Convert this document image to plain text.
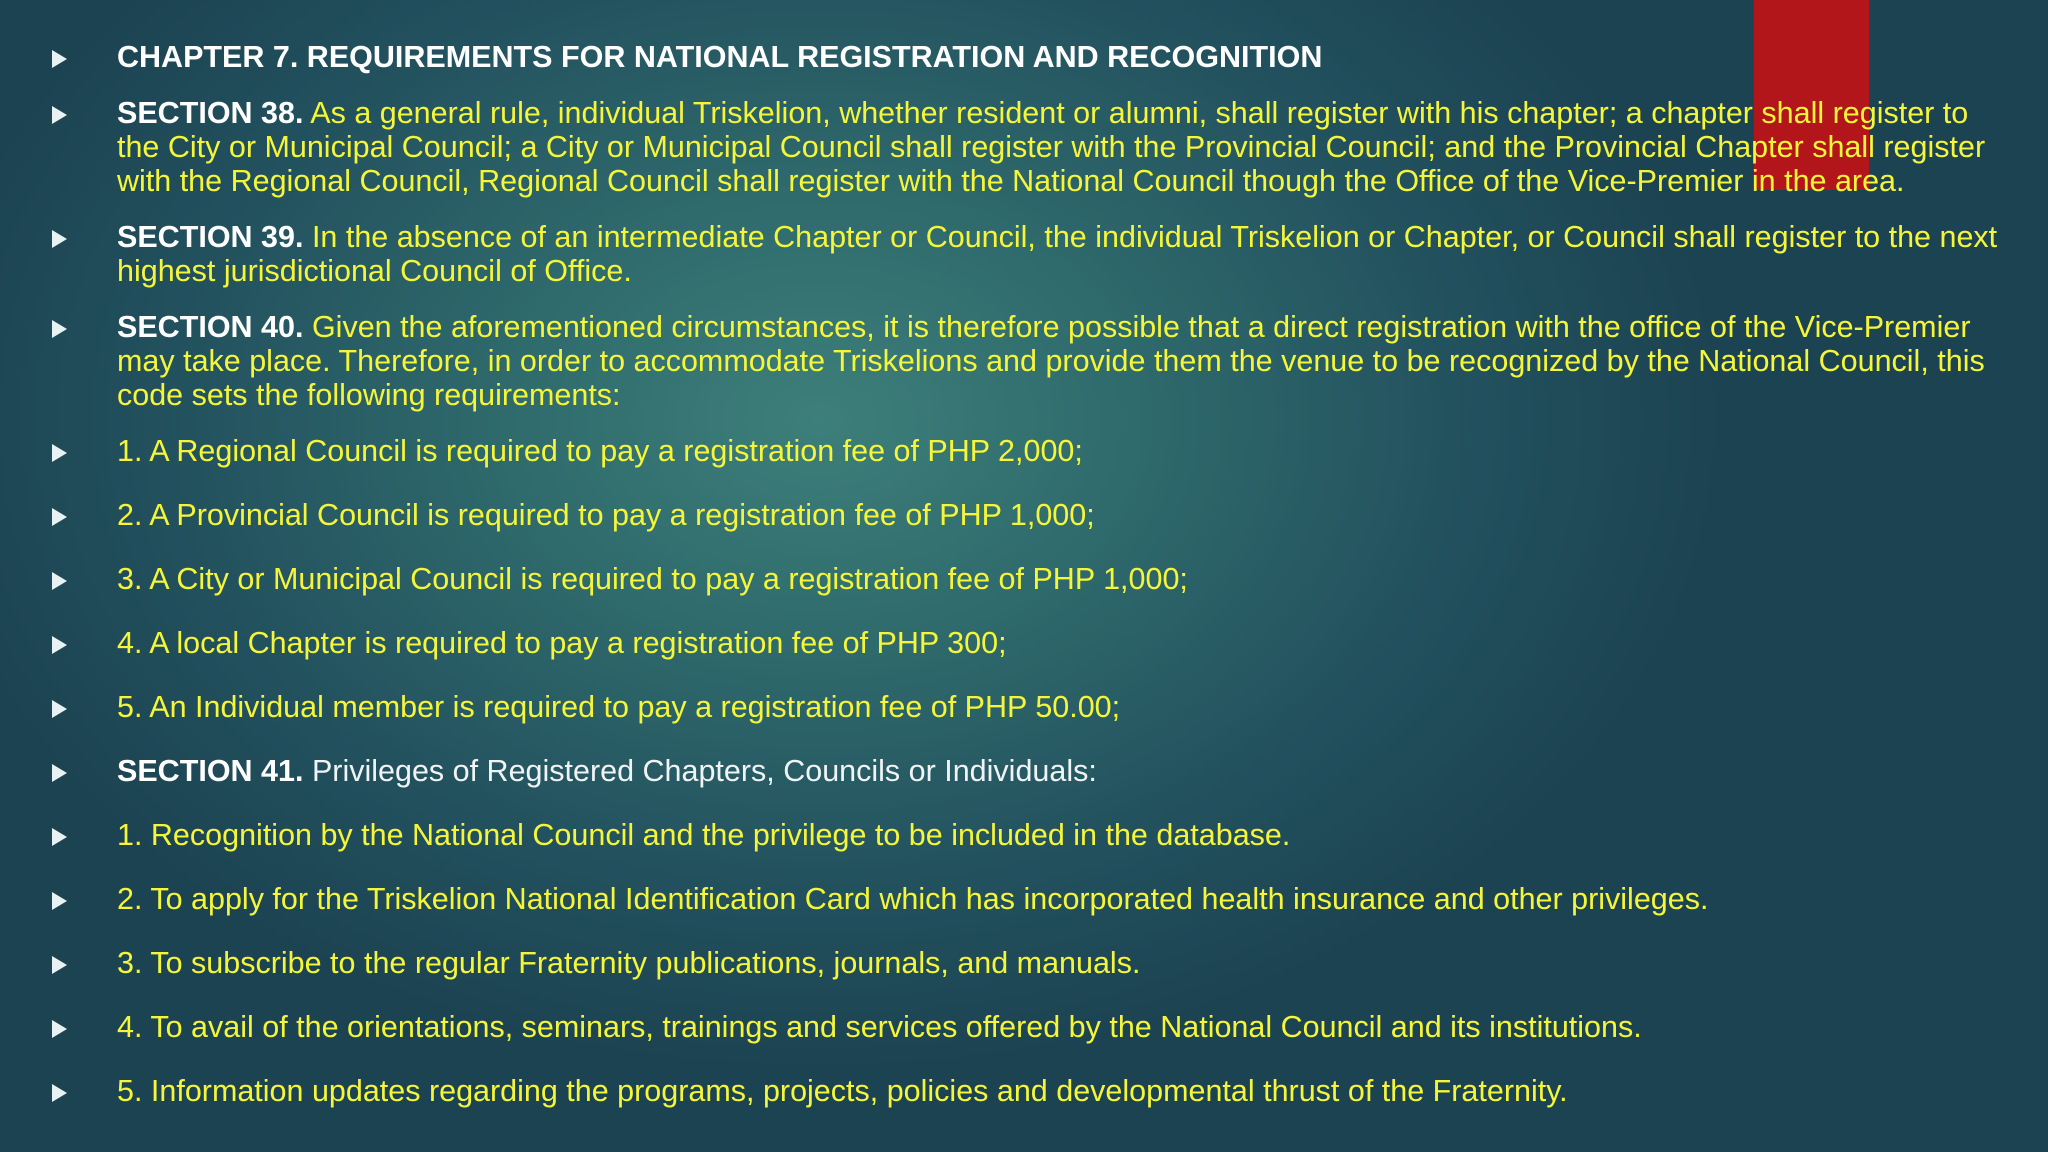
CHAPTER 7. REQUIREMENTS FOR NATIONAL REGISTRATION AND RECOGNITION
SECTION 38. As a general rule, individual Triskelion, whether resident or alumni, shall register with his chapter; a chapter shall register to the City or Municipal Council; a City or Municipal Council shall register with the Provincial Council; and the Provincial Chapter shall register with the Regional Council, Regional Council shall register with the National Council though the Office of the Vice-Premier in the area.
SECTION 39. In the absence of an intermediate Chapter or Council, the individual Triskelion or Chapter, or Council shall register to the next highest jurisdictional Council of Office.
SECTION 40. Given the aforementioned circumstances, it is therefore possible that a direct registration with the office of the Vice-Premier may take place. Therefore, in order to accommodate Triskelions and provide them the venue to be recognized by the National Council, this code sets the following requirements:
1. A Regional Council is required to pay a registration fee of PHP 2,000;
2. A Provincial Council is required to pay a registration fee of PHP 1,000;
3. A City or Municipal Council is required to pay a registration fee of PHP 1,000;
4. A local Chapter is required to pay a registration fee of PHP 300;
5. An Individual member is required to pay a registration fee of PHP 50.00;
SECTION 41. Privileges of Registered Chapters, Councils or Individuals:
1. Recognition by the National Council and the privilege to be included in the database.
2. To apply for the Triskelion National Identification Card which has incorporated health insurance and other privileges.
3. To subscribe to the regular Fraternity publications, journals, and manuals.
4. To avail of the orientations, seminars, trainings and services offered by the National Council and its institutions.
5. Information updates regarding the programs, projects, policies and developmental thrust of the Fraternity.
